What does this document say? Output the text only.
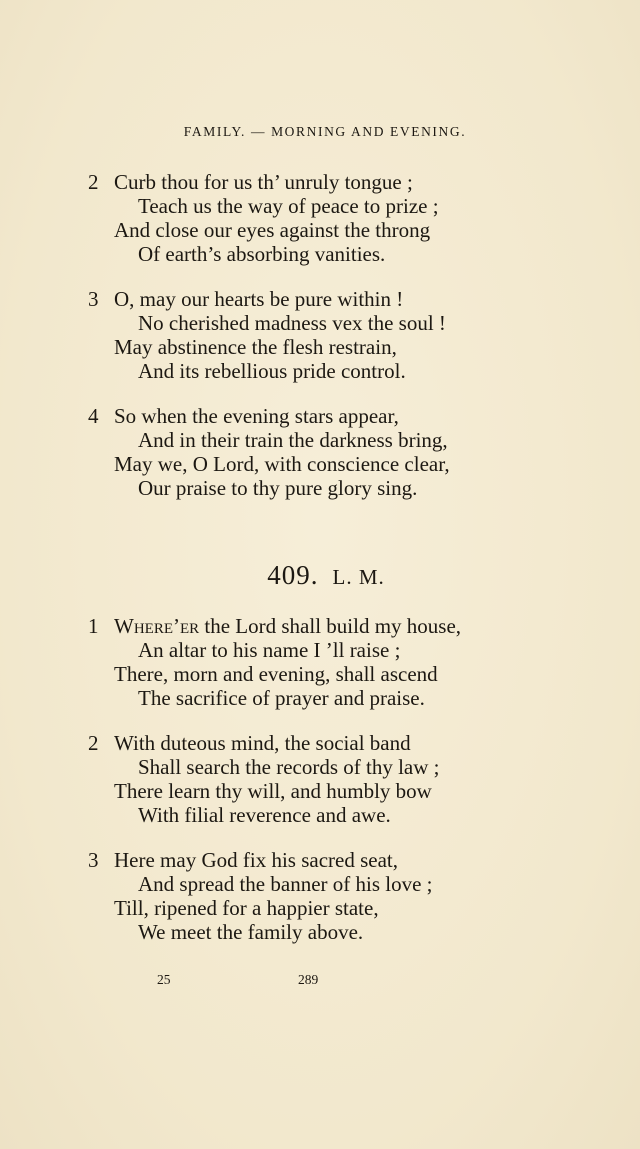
FAMILY. — MORNING AND EVENING.
2 Curb thou for us th’ unruly tongue ;
Teach us the way of peace to prize ;
And close our eyes against the throng
Of earth’s absorbing vanities.
3 O, may our hearts be pure within !
No cherished madness vex the soul !
May abstinence the flesh restrain,
And its rebellious pride control.
4 So when the evening stars appear,
And in their train the darkness bring,
May we, O Lord, with conscience clear,
Our praise to thy pure glory sing.
409. L. M.
1 Where’er the Lord shall build my house,
An altar to his name I ’ll raise ;
There, morn and evening, shall ascend
The sacrifice of prayer and praise.
2 With duteous mind, the social band
Shall search the records of thy law ;
There learn thy will, and humbly bow
With filial reverence and awe.
3 Here may God fix his sacred seat,
And spread the banner of his love ;
Till, ripened for a happier state,
We meet the family above.
25	289
